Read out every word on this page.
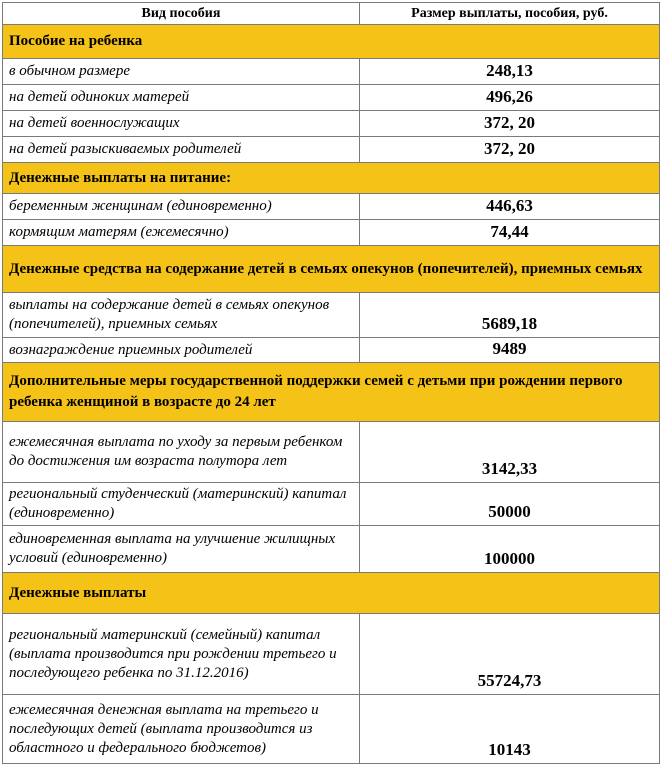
Вид пособия	Размер выплаты, пособия, руб.
Пособие на ребенка	
в обычном размере	248,13
на детей одиноких матерей	496,26
на детей военнослужащих	372, 20
на детей разыскиваемых родителей	372, 20
Денежные выплаты на питание:	
беременным женщинам (единовременно)	446,63
кормящим матерям (ежемесячно)	74,44
Денежные средства на содержание детей в семьях опекунов (попечителей), приемных семьях	
выплаты на содержание детей в семьях опекунов (попечителей), приемных семьях	5689,18
вознаграждение приемных родителей	9489
Дополнительные меры государственной поддержки семей с детьми при рождении первого ребенка женщиной в возрасте до 24 лет	
ежемесячная выплата по уходу за первым ребенком до достижения им возраста полутора лет	3142,33
региональный студенческий (материнский) капитал (единовременно)	50000
единовременная выплата на улучшение жилищных условий (единовременно)	100000
Денежные выплаты	
региональный материнский (семейный) капитал (выплата производится при рождении третьего и последующего ребенка по 31.12.2016)	55724,73
ежемесячная денежная выплата на третьего и последующих детей (выплата производится из областного и федерального бюджетов)	10143
